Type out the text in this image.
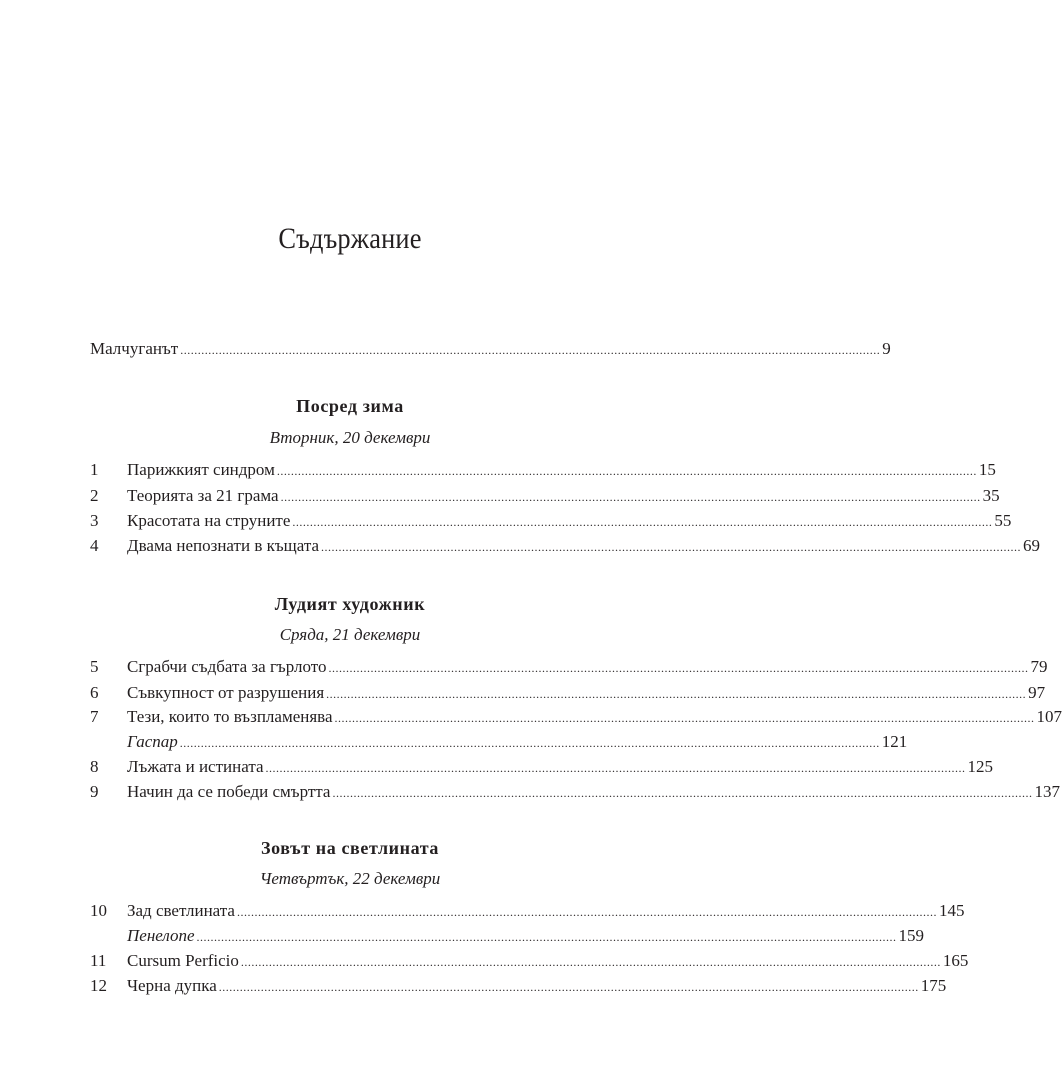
Съдържание
Малчуганът ........................................................................................................................................................................................................ 9
Посред зима
Вторник, 20 декември
1	Парижкият синдром ........................................................................................................................................................................................................ 15
2	Теорията за 21 грама ........................................................................................................................................................................................................ 35
3	Красотата на струните ........................................................................................................................................................................................................ 55
4	Двама непознати в къщата ........................................................................................................................................................................................................ 69
Лудият художник
Сряда, 21 декември
5	Сграбчи съдбата за гърлото ........................................................................................................................................................................................................ 79
6	Съвкупност от разрушения ........................................................................................................................................................................................................ 97
7	Тези, които то възпламенява ........................................................................................................................................................................................................ 107
Гаспар ........................................................................................................................................................................................................ 121
8	Лъжата и истината ........................................................................................................................................................................................................ 125
9	Начин да се победи смъртта ........................................................................................................................................................................................................ 137
Зовът на светлината
Четвъртък, 22 декември
10	Зад светлината ........................................................................................................................................................................................................ 145
Пенелопе ........................................................................................................................................................................................................ 159
11	Cursum Perficio ........................................................................................................................................................................................................ 165
12	Черна дупка ........................................................................................................................................................................................................ 175
